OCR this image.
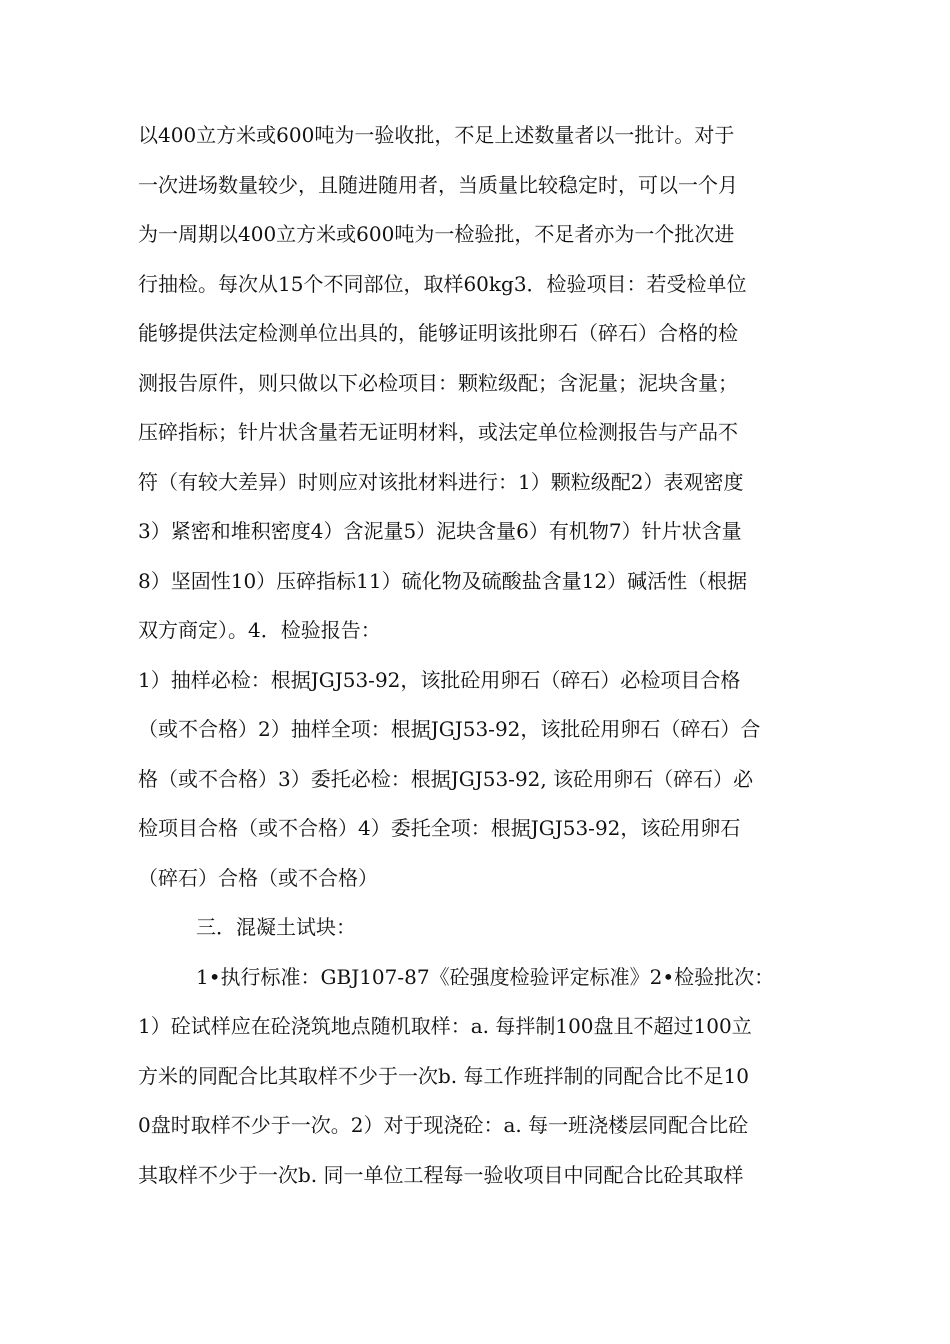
以400立方米或600吨为一验收批，不足上述数量者以一批计。对于
一次进场数量较少，且随进随用者，当质量比较稳定时，可以一个月
为一周期以400立方米或600吨为一检验批，不足者亦为一个批次进
行抽检。每次从15个不同部位，取样60kg3．检验项目：若受检单位
能够提供法定检测单位出具的，能够证明该批卵石（碎石）合格的检
测报告原件，则只做以下必检项目：颗粒级配；含泥量；泥块含量；
压碎指标；针片状含量若无证明材料，或法定单位检测报告与产品不
符（有较大差异）时则应对该批材料进行：1）颗粒级配2）表观密度
3）紧密和堆积密度4）含泥量5）泥块含量6）有机物7）针片状含量
8）坚固性10）压碎指标11）硫化物及硫酸盐含量12）碱活性（根据
双方商定）。4．检验报告：
1）抽样必检：根据JGJ53-92，该批砼用卵石（碎石）必检项目合格
（或不合格）2）抽样全项：根据JGJ53-92，该批砼用卵石（碎石）合
格（或不合格）3）委托必检：根据JGJ53-92, 该砼用卵石（碎石）必
检项目合格（或不合格）4）委托全项：根据JGJ53-92，该砼用卵石
（碎石）合格（或不合格）
三．混凝土试块：
1•执行标准：GBJ107-87《砼强度检验评定标准》2•检验批次：
1）砼试样应在砼浇筑地点随机取样：a. 每拌制100盘且不超过100立
方米的同配合比其取样不少于一次b. 每工作班拌制的同配合比不足10
0盘时取样不少于一次。2）对于现浇砼：a. 每一班浇楼层同配合比砼
其取样不少于一次b. 同一单位工程每一验收项目中同配合比砼其取样
